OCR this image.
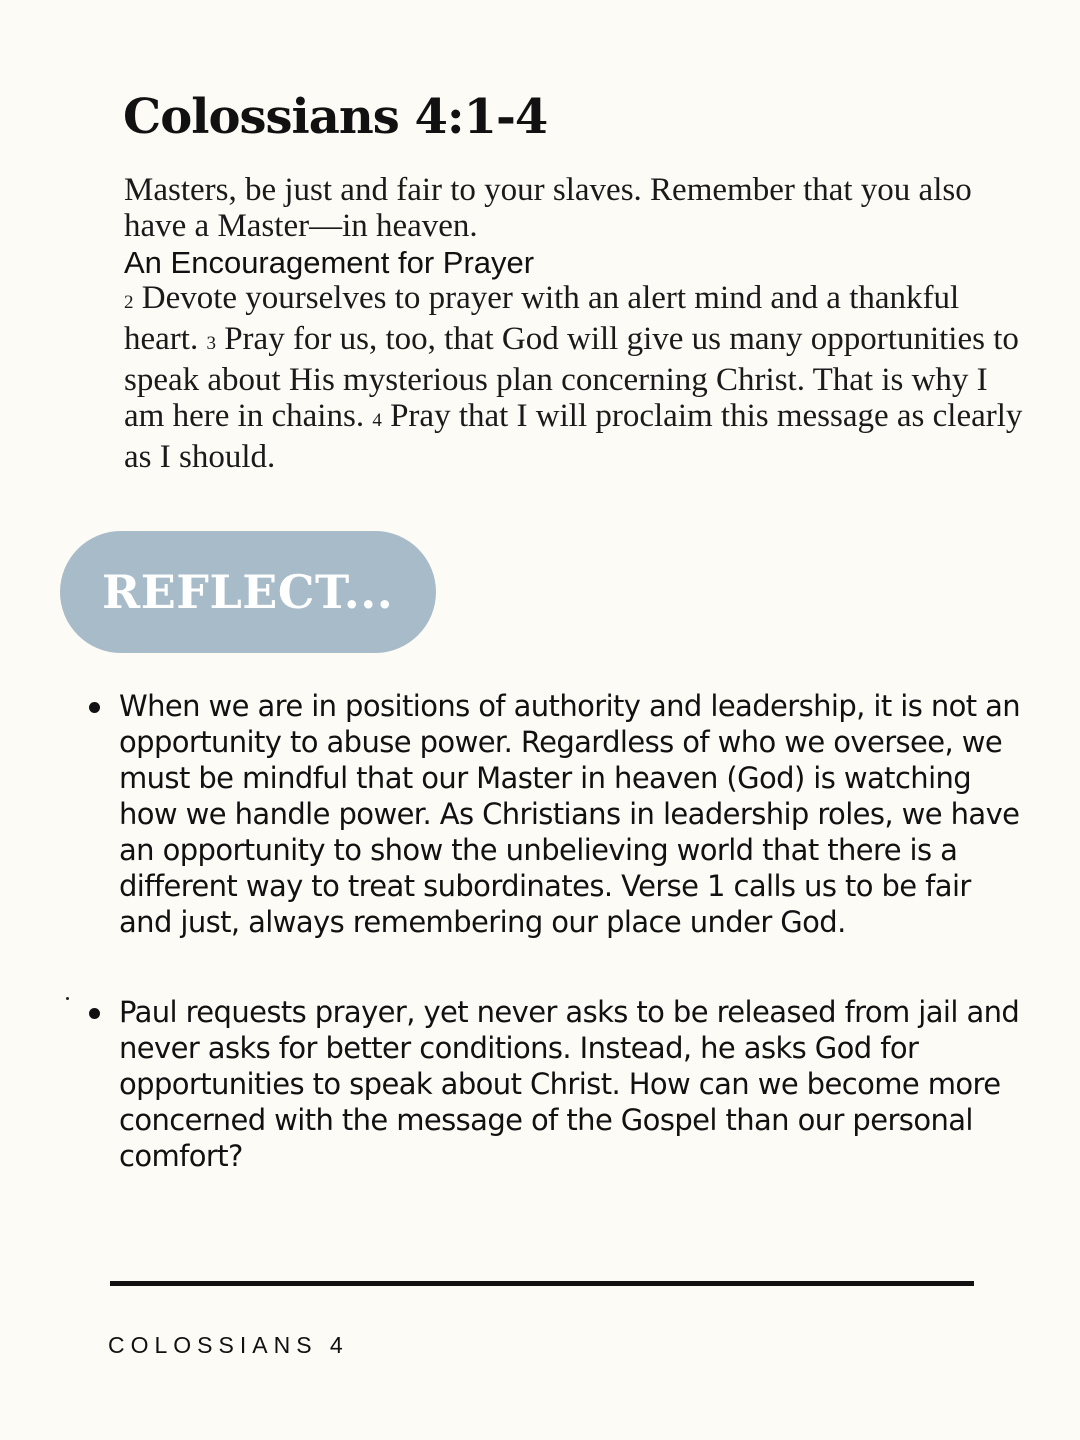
Colossians 4:1-4

Masters, be just and fair to your slaves. Remember that you also have a Master—in heaven.

An Encouragement for Prayer

2 Devote yourselves to prayer with an alert mind and a thankful heart. 3 Pray for us, too, that God will give us many opportunities to speak about His mysterious plan concerning Christ. That is why I am here in chains. 4 Pray that I will proclaim this message as clearly as I should.

REFLECT...
When we are in positions of authority and leadership, it is not an opportunity to abuse power. Regardless of who we oversee, we must be mindful that our Master in heaven (God) is watching how we handle power. As Christians in leadership roles, we have an opportunity to show the unbelieving world that there is a different way to treat subordinates. Verse 1 calls us to be fair and just, always remembering our place under God.
Paul requests prayer, yet never asks to be released from jail and never asks for better conditions. Instead, he asks God for opportunities to speak about Christ. How can we become more concerned with the message of the Gospel than our personal comfort?
COLOSSIANS 4
